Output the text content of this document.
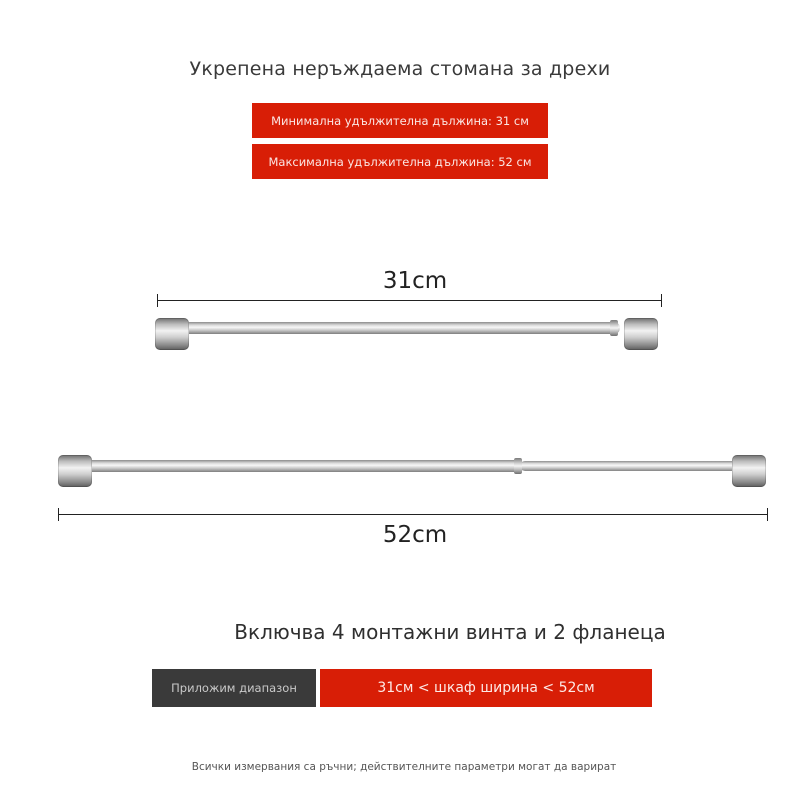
Укрепена неръждаема стомана за дрехи
Минимална удължителна дължина: 31 см
Максимална удължителна дължина: 52 см
31cm
52cm
Включва 4 монтажни винта и 2 фланеца
Приложим диапазон	31см < шкаф ширина < 52см
Всички измервания са ръчни; действителните параметри могат да варират
